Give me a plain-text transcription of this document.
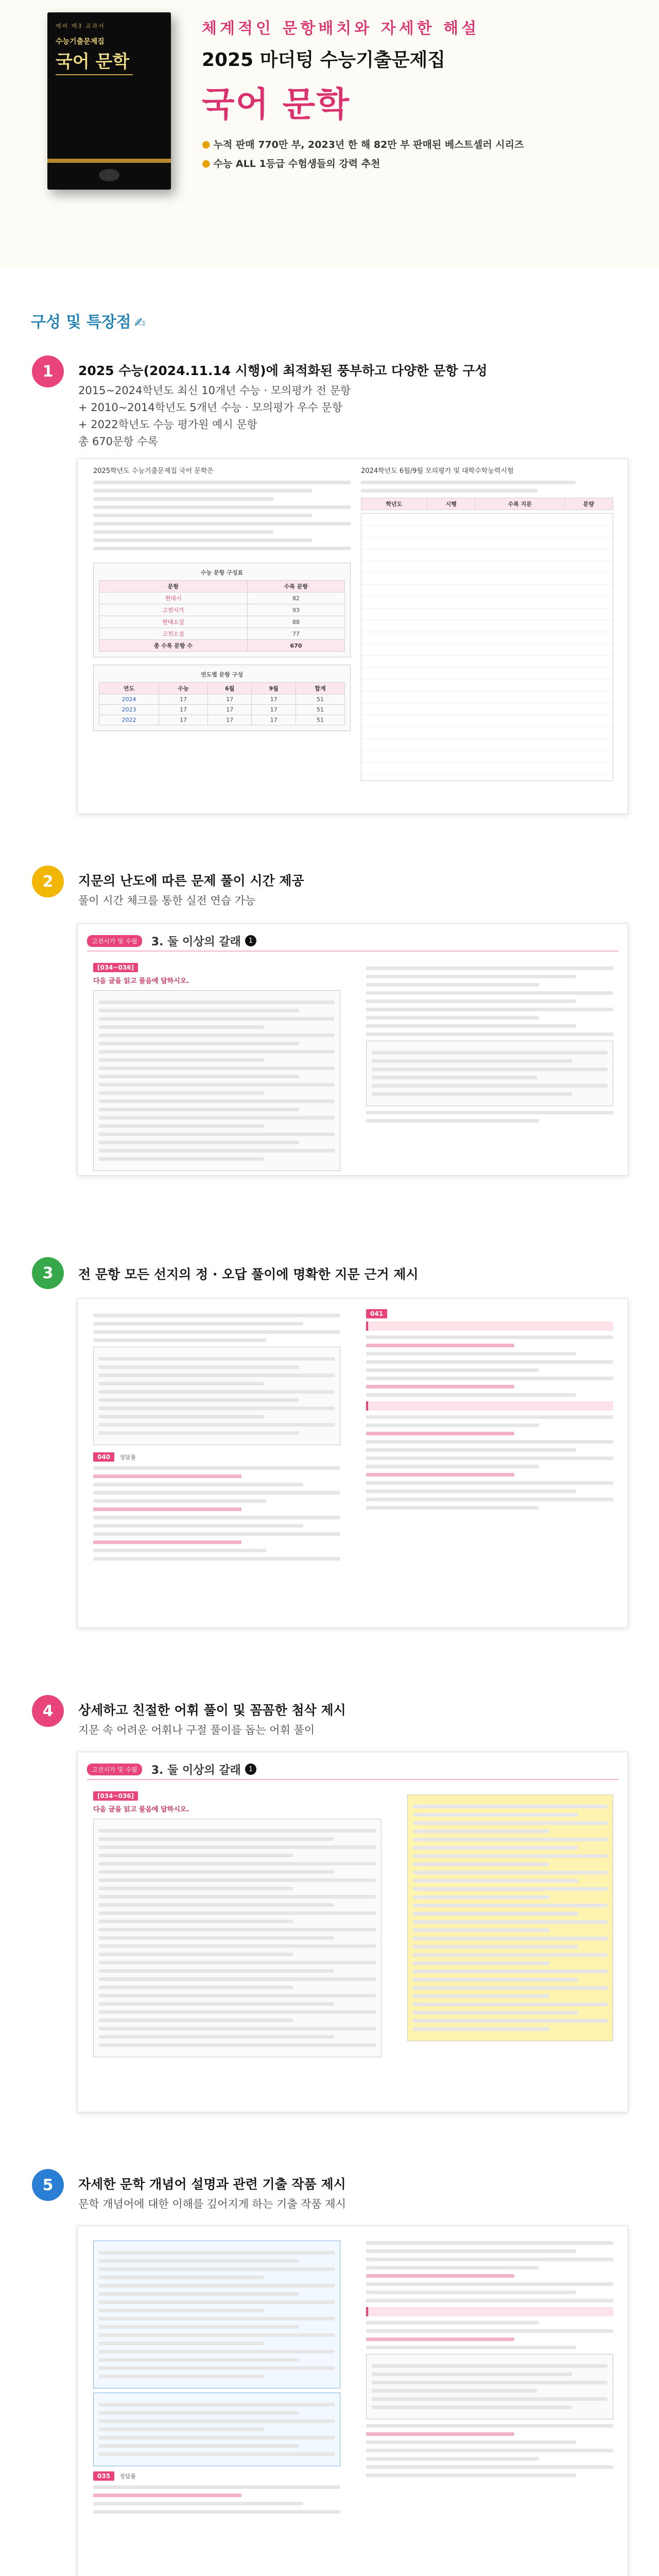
예비 매3 교과서
수능기출문제집
국어 문학
체계적인 문항배치와 자세한 해설
2025 마더텅 수능기출문제집
국어 문학
● 누적 판매 770만 부, 2023년 한 해 82만 부 판매된 베스트셀러 시리즈
● 수능 ALL 1등급 수험생들의 강력 추천
구성 및 특장점 ✍
1	2025 수능(2024.11.14 시행)에 최적화된 풍부하고 다양한 문항 구성
2015~2024학년도 최신 10개년 수능 · 모의평가 전 문항
+ 2010~2014학년도 5개년 수능 · 모의평가 우수 문항
+ 2022학년도 수능 평가원 예시 문항
총 670문항 수록
2025학년도 수능기출문제집 국어 문학은
수능 문항 구성표
문항	수록 문항
현대시	82
고전시가	93
현대소설	88
고전소설	77
총 수록 문항 수	670
연도별 문항 구성
연도	수능	6월	9월	합계
2024	17	17	17	51
2023	17	17	17	51
2022	17	17	17	51
2024학년도 6월/9월 모의평가 및 대학수학능력시험
학년도	시행	수록 지문	분량
2	지문의 난도에 따른 문제 풀이 시간 제공
풀이 시간 체크를 통한 실전 연습 가능
고전시가 및 수필	3. 둘 이상의 갈래	1
[034~036]
다음 글을 읽고 물음에 답하시오.
3	전 문항 모든 선지의 정 · 오답 풀이에 명확한 지문 근거 제시
040	정답률
041
4	상세하고 친절한 어휘 풀이 및 꼼꼼한 첨삭 제시
지문 속 어려운 어휘나 구절 풀이를 돕는 어휘 풀이
고전시가 및 수필	3. 둘 이상의 갈래	1
[034~036]
다음 글을 읽고 물음에 답하시오.
5	자세한 문학 개념어 설명과 관련 기출 작품 제시
문학 개념어에 대한 이해를 깊어지게 하는 기출 작품 제시
035	정답률
